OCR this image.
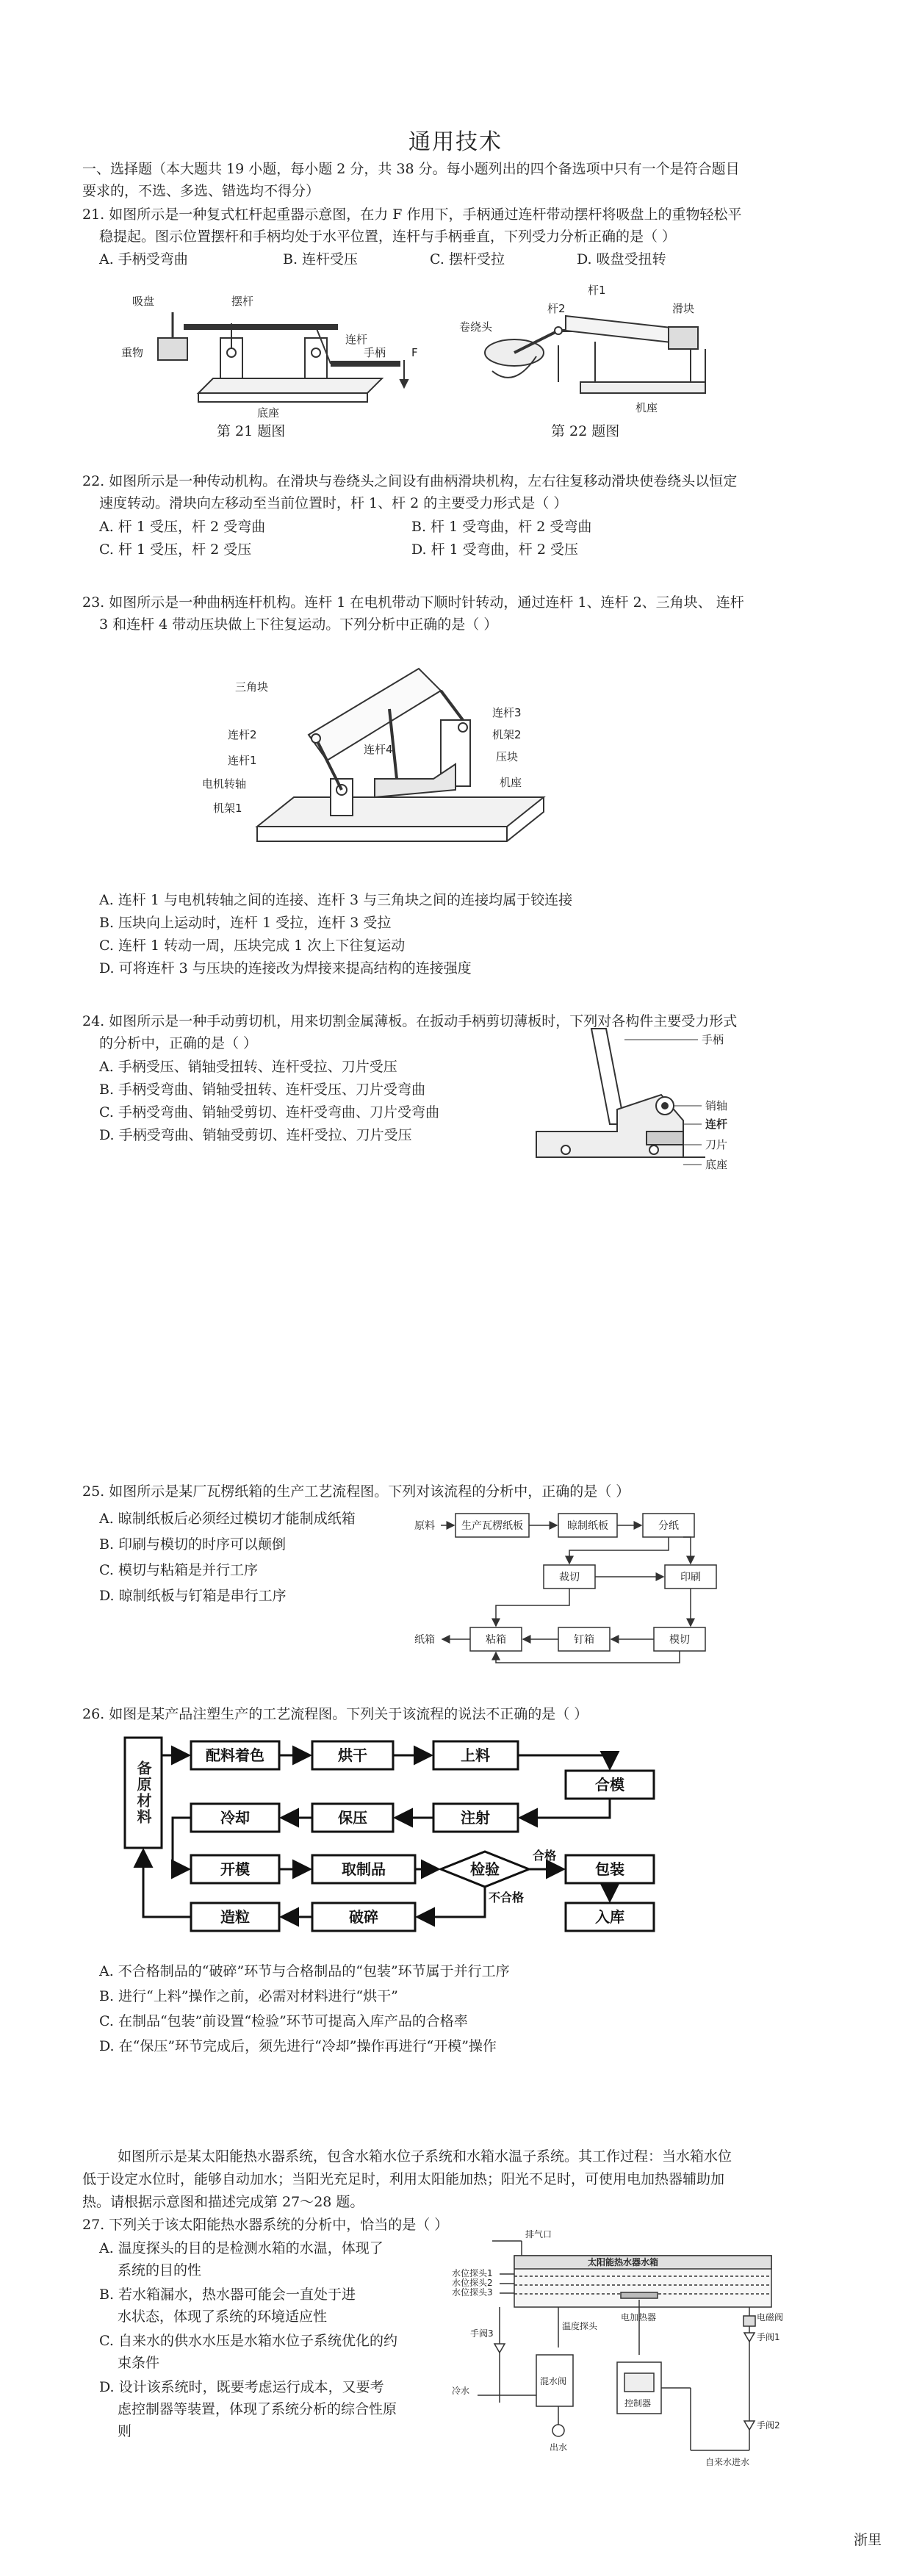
通用技术
一、选择题（本大题共 19 小题，每小题 2 分，共 38 分。每小题列出的四个备选项中只有一个是符合题目
要求的，不选、多选、错选均不得分）
21. 如图所示是一种复式杠杆起重器示意图，在力 F 作用下，手柄通过连杆带动摆杆将吸盘上的重物轻松平
稳提起。图示位置摆杆和手柄均处于水平位置，连杆与手柄垂直，下列受力分析正确的是（ ）
A. 手柄受弯曲	B. 连杆受压	C. 摆杆受拉	D. 吸盘受扭转
吸盘	摆杆
重物
连杆
手柄 F
底座
第 21 题图
杆1
杆2	滑块
卷绕头
机座
第 22 题图
22. 如图所示是一种传动机构。在滑块与卷绕头之间设有曲柄滑块机构，左右往复移动滑块使卷绕头以恒定
速度转动。滑块向左移动至当前位置时，杆 1、杆 2 的主要受力形式是（ ）
A. 杆 1 受压，杆 2 受弯曲	B. 杆 1 受弯曲，杆 2 受弯曲
C. 杆 1 受压，杆 2 受压	D. 杆 1 受弯曲，杆 2 受压
23. 如图所示是一种曲柄连杆机构。连杆 1 在电机带动下顺时针转动，通过连杆 1、连杆 2、三角块、 连杆
3 和连杆 4 带动压块做上下往复运动。下列分析中正确的是（ ）
三角块
连杆3
连杆2	机架2
连杆4
连杆1	压块
电机转轴	机座
机架1
A. 连杆 1 与电机转轴之间的连接、连杆 3 与三角块之间的连接均属于铰连接
B. 压块向上运动时，连杆 1 受拉，连杆 3 受拉
C. 连杆 1 转动一周，压块完成 1 次上下往复运动
D. 可将连杆 3 与压块的连接改为焊接来提高结构的连接强度
24. 如图所示是一种手动剪切机，用来切割金属薄板。在扳动手柄剪切薄板时，下列对各构件主要受力形式
的分析中，正确的是（ ）
A. 手柄受压、销轴受扭转、连杆受拉、刀片受压
B. 手柄受弯曲、销轴受扭转、连杆受压、刀片受弯曲
C. 手柄受弯曲、销轴受剪切、连杆受弯曲、刀片受弯曲
D. 手柄受弯曲、销轴受剪切、连杆受拉、刀片受压
手柄
销轴
连杆
刀片
底座
25. 如图所示是某厂瓦楞纸箱的生产工艺流程图。下列对该流程的分析中，正确的是（ ）
A. 晾制纸板后必须经过模切才能制成纸箱
B. 印刷与模切的时序可以颠倒
C. 模切与粘箱是并行工序
D. 晾制纸板与钉箱是串行工序
原料	生产瓦楞纸板	晾制纸板	分纸
裁切	印刷
粘箱	钉箱	模切
纸箱
26. 如图是某产品注塑生产的工艺流程图。下列关于该流程的说法不正确的是（ ）
配料着色	烘干	上料
合模
冷却	保压	注射
开模	取制品	检验	包装
入库
造粒	破碎
合格
不合格
备原材料
A. 不合格制品的“破碎”环节与合格制品的“包装”环节属于并行工序
B. 进行“上料”操作之前，必需对材料进行“烘干”
C. 在制品“包装”前设置“检验”环节可提高入库产品的合格率
D. 在“保压”环节完成后，须先进行“冷却”操作再进行“开模”操作
如图所示是某太阳能热水器系统，包含水箱水位子系统和水箱水温子系统。其工作过程：当水箱水位
低于设定水位时，能够自动加水；当阳光充足时，利用太阳能加热；阳光不足时，可使用电加热器辅助加
热。请根据示意图和描述完成第 27～28 题。
27. 下列关于该太阳能热水器系统的分析中，恰当的是（ ）
A. 温度探头的目的是检测水箱的水温，体现了
系统的目的性
B. 若水箱漏水，热水器可能会一直处于进
水状态，体现了系统的环境适应性
C. 自来水的供水水压是水箱水位子系统优化的约
束条件
D. 设计该系统时，既要考虑运行成本，又要考
虑控制器等装置，体现了系统分析的综合性原
则
排气口
太阳能热水器水箱
水位探头1
水位探头2
水位探头3
手阀3
温度探头
电加热器	电磁阀
手阀1
混水阀
控制器
冷水
出水
手阀2
自来水进水
浙里
